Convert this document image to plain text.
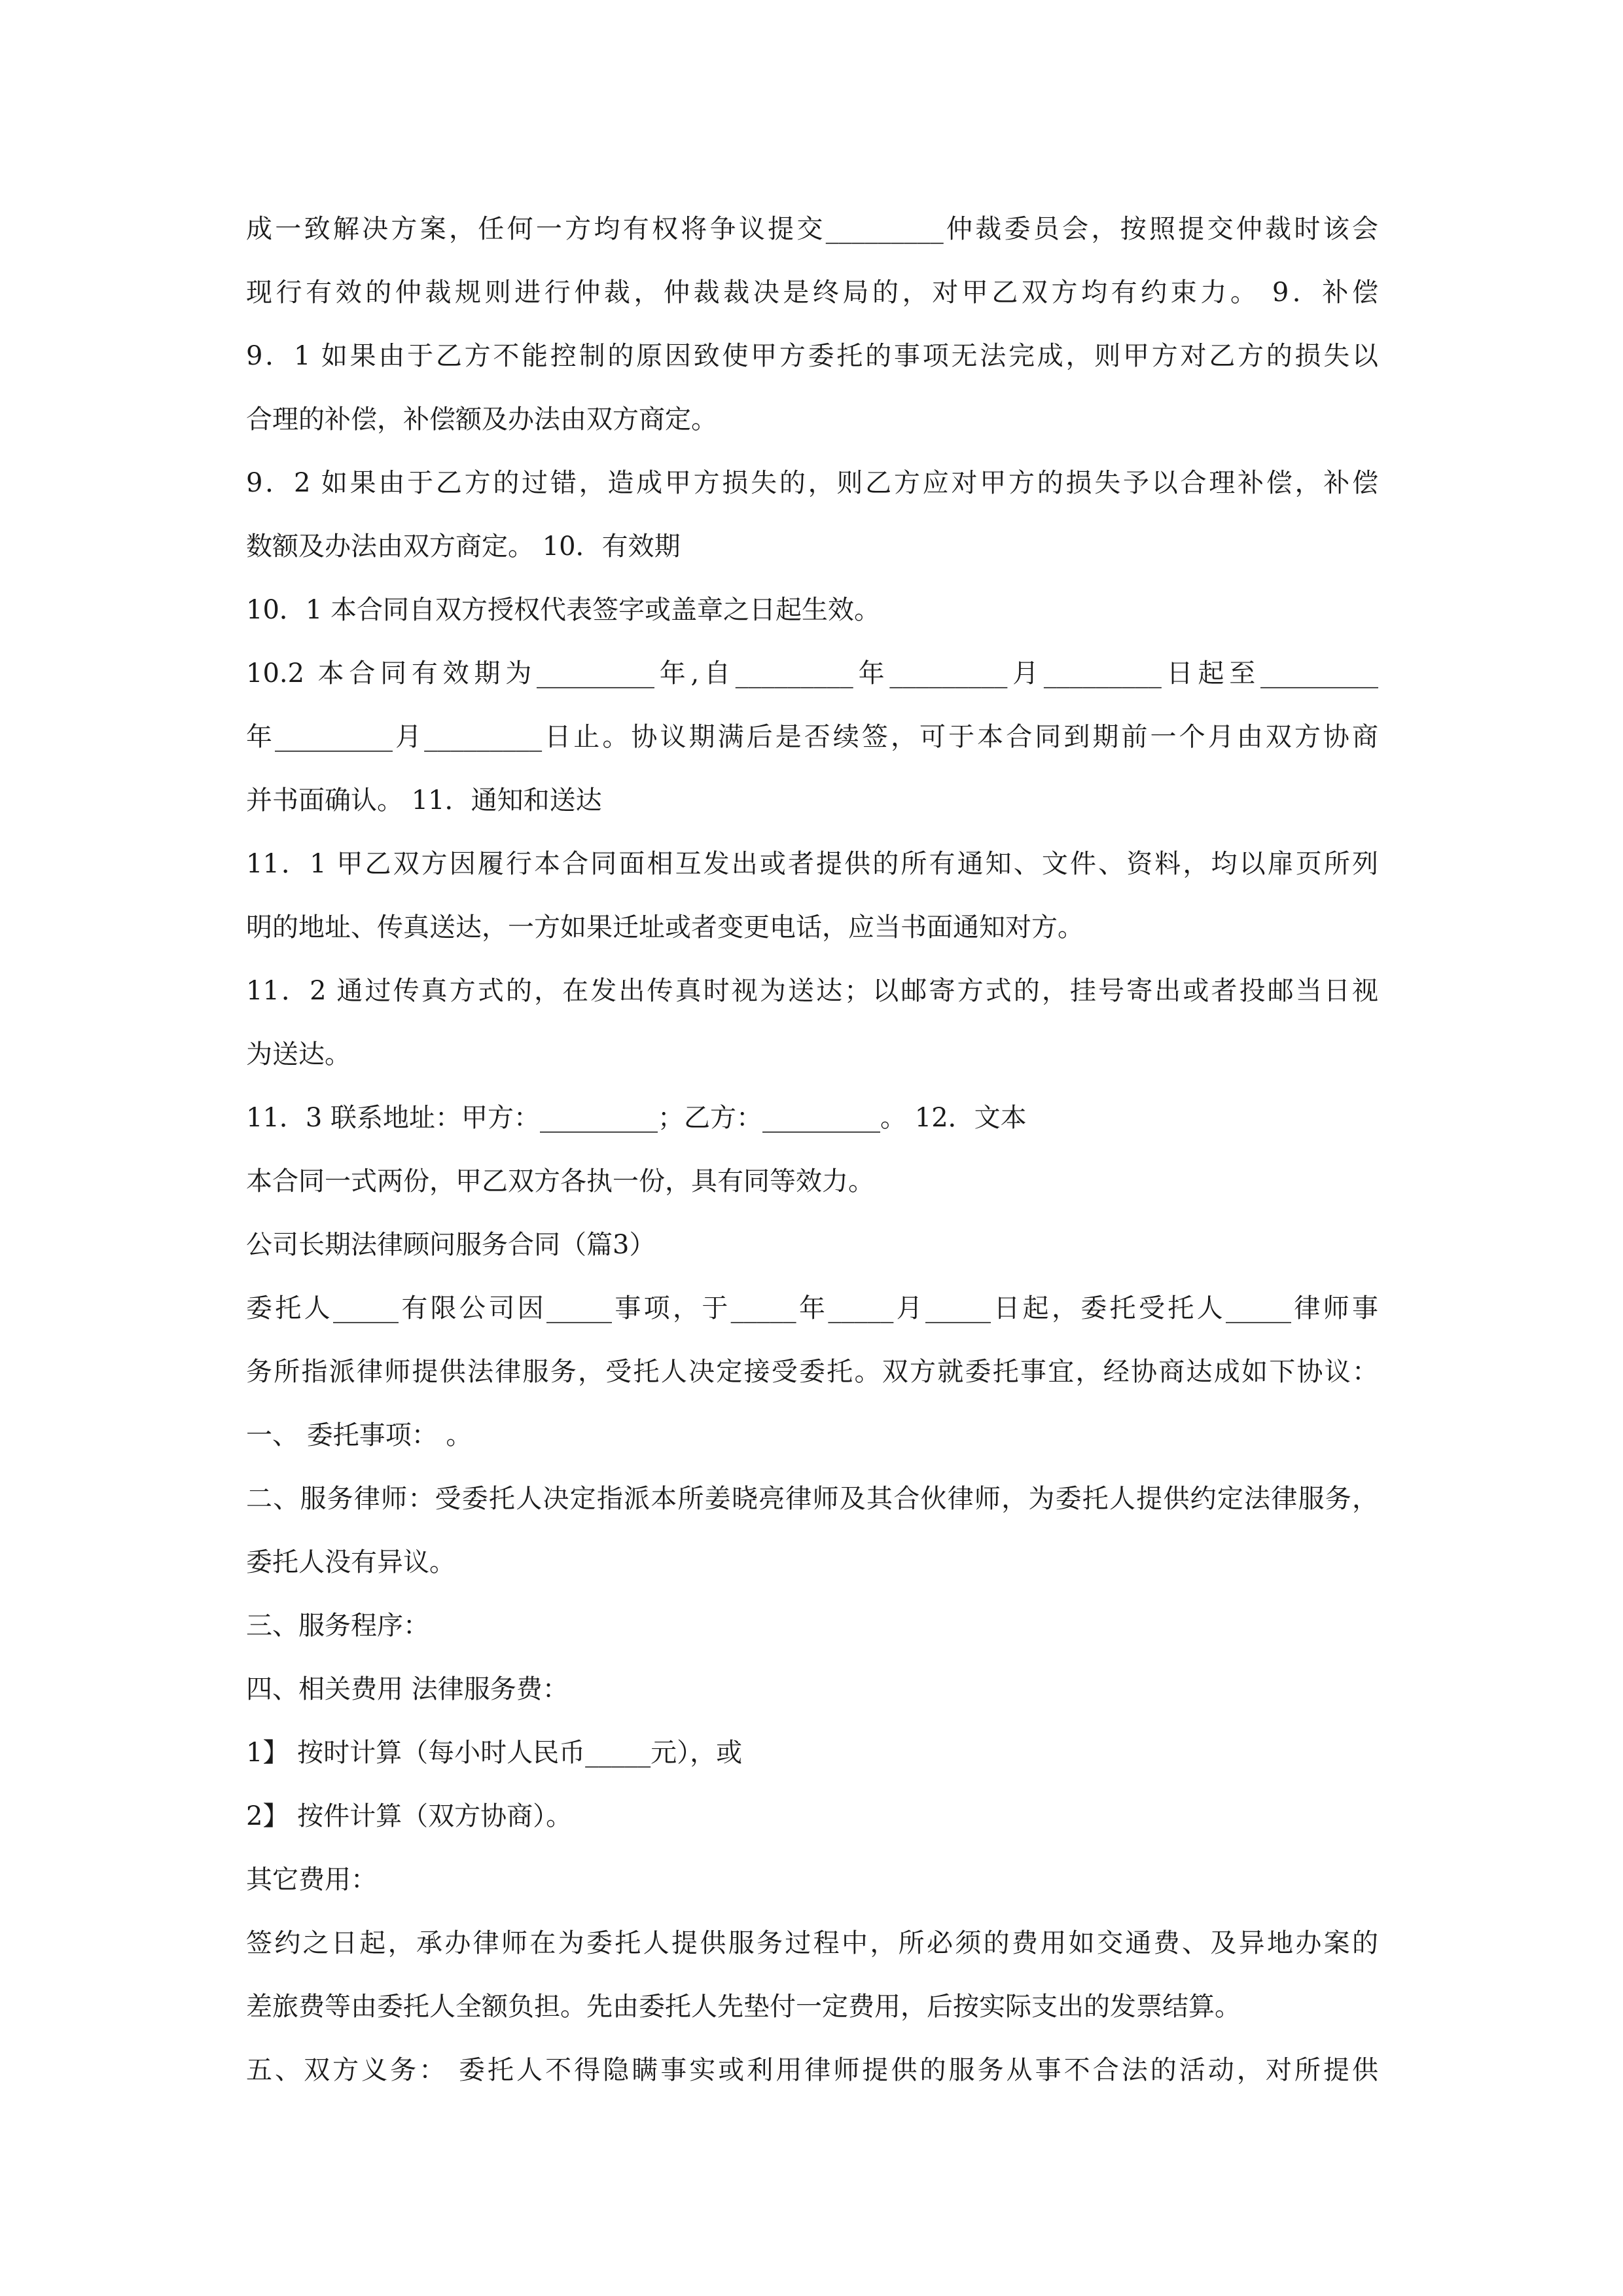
成一致解决方案，任何一方均有权将争议提交_________仲裁委员会，按照提交仲裁时该会
现行有效的仲裁规则进行仲裁，仲裁裁决是终局的，对甲乙双方均有约束力。 9．补偿
9．1 如果由于乙方不能控制的原因致使甲方委托的事项无法完成，则甲方对乙方的损失以
合理的补偿，补偿额及办法由双方商定。
9．2 如果由于乙方的过错，造成甲方损失的，则乙方应对甲方的损失予以合理补偿，补偿
数额及办法由双方商定。 10．有效期
10．1 本合同自双方授权代表签字或盖章之日起生效。
10.2 本合同有效期为_________年,自_________年_________月_________日起至_________
年_________月_________日止。协议期满后是否续签，可于本合同到期前一个月由双方协商
并书面确认。 11．通知和送达
11．1 甲乙双方因履行本合同面相互发出或者提供的所有通知、文件、资料，均以扉页所列
明的地址、传真送达，一方如果迁址或者变更电话，应当书面通知对方。
11．2 通过传真方式的，在发出传真时视为送达；以邮寄方式的，挂号寄出或者投邮当日视
为送达。
11．3 联系地址：甲方：_________；乙方：_________。 12．文本
本合同一式两份，甲乙双方各执一份，具有同等效力。
公司长期法律顾问服务合同（篇3）
委托人_____有限公司因_____事项，于_____年_____月_____日起，委托受托人_____律师事
务所指派律师提供法律服务，受托人决定接受委托。双方就委托事宜，经协商达成如下协议：
一、 委托事项： 。
二、服务律师：受委托人决定指派本所姜晓亮律师及其合伙律师，为委托人提供约定法律服务，
委托人没有异议。
三、服务程序：
四、相关费用 法律服务费：
1】 按时计算（每小时人民币_____元），或
2】 按件计算（双方协商）。
其它费用：
签约之日起，承办律师在为委托人提供服务过程中，所必须的费用如交通费、及异地办案的
差旅费等由委托人全额负担。先由委托人先垫付一定费用，后按实际支出的发票结算。
五、双方义务： 委托人不得隐瞒事实或利用律师提供的服务从事不合法的活动，对所提供
